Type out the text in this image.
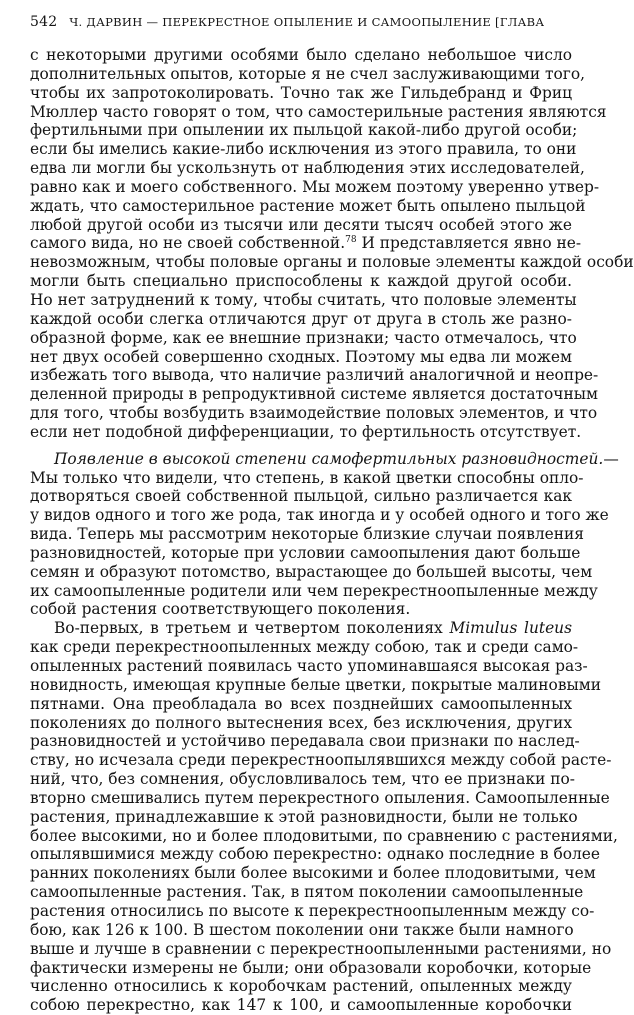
542 Ч. ДАРВИН — ПЕРЕКРЕСТНОЕ ОПЫЛЕНИЕ И САМООПЫЛЕНИЕ [ГЛАВА
с некоторыми другими особями было сделано небольшое число
дополнительных опытов, которые я не счел заслуживающими того,
чтобы их запротоколировать. Точно так же Гильдебранд и Фриц
Мюллер часто говорят о том, что самостерильные растения являются
фертильными при опылении их пыльцой какой-либо другой особи;
если бы имелись какие-либо исключения из этого правила, то они
едва ли могли бы ускользнуть от наблюдения этих исследователей,
равно как и моего собственного. Мы можем поэтому уверенно утвер-
ждать, что самостерильное растение может быть опылено пыльцой
любой другой особи из тысячи или десяти тысяч особей этого же
самого вида, но не своей собственной.$^{78}$ И представляется явно не-
невозможным, чтобы половые органы и половые элементы каждой особи
могли быть специально приспособлены к каждой другой особи.
Но нет затруднений к тому, чтобы считать, что половые элементы
каждой особи слегка отличаются друг от друга в столь же разно-
образной форме, как ее внешние признаки; часто отмечалось, что
нет двух особей совершенно сходных. Поэтому мы едва ли можем
избежать того вывода, что наличие различий аналогичной и неопре-
деленной природы в репродуктивной системе является достаточным
для того, чтобы возбудить взаимодействие половых элементов, и что
если нет подобной дифференциации, то фертильность отсутствует.
Появление в высокой степени самофертильных разновидностей.—
Мы только что видели, что степень, в какой цветки способны опло-
дотворяться своей собственной пыльцой, сильно различается как
у видов одного и того же рода, так иногда и у особей одного и того же
вида. Теперь мы рассмотрим некоторые близкие случаи появления
разновидностей, которые при условии самоопыления дают больше
семян и образуют потомство, вырастающее до большей высоты, чем
их самоопыленные родители или чем перекрестноопыленные между
собой растения соответствующего поколения.
Во-первых, в третьем и четвертом поколениях Mimulus luteus
как среди перекрестноопыленных между собою, так и среди само-
опыленных растений появилась часто упоминавшаяся высокая раз-
новидность, имеющая крупные белые цветки, покрытые малиновыми
пятнами. Она преобладала во всех позднейших самоопыленных
поколениях до полного вытеснения всех, без исключения, других
разновидностей и устойчиво передавала свои признаки по наслед-
ству, но исчезала среди перекрестноопылявшихся между собой расте-
ний, что, без сомнения, обусловливалось тем, что ее признаки по-
вторно смешивались путем перекрестного опыления. Самоопыленные
растения, принадлежавшие к этой разновидности, были не только
более высокими, но и более плодовитыми, по сравнению с растениями,
опылявшимися между собою перекрестно: однако последние в более
ранних поколениях были более высокими и более плодовитыми, чем
самоопыленные растения. Так, в пятом поколении самоопыленные
растения относились по высоте к перекрестноопыленным между со-
бою, как 126 к 100. В шестом поколении они также были намного
выше и лучше в сравнении с перекрестноопыленными растениями, но
фактически измерены не были; они образовали коробочки, которые
численно относились к коробочкам растений, опыленных между
собою перекрестно, как 147 к 100, и самоопыленные коробочки
